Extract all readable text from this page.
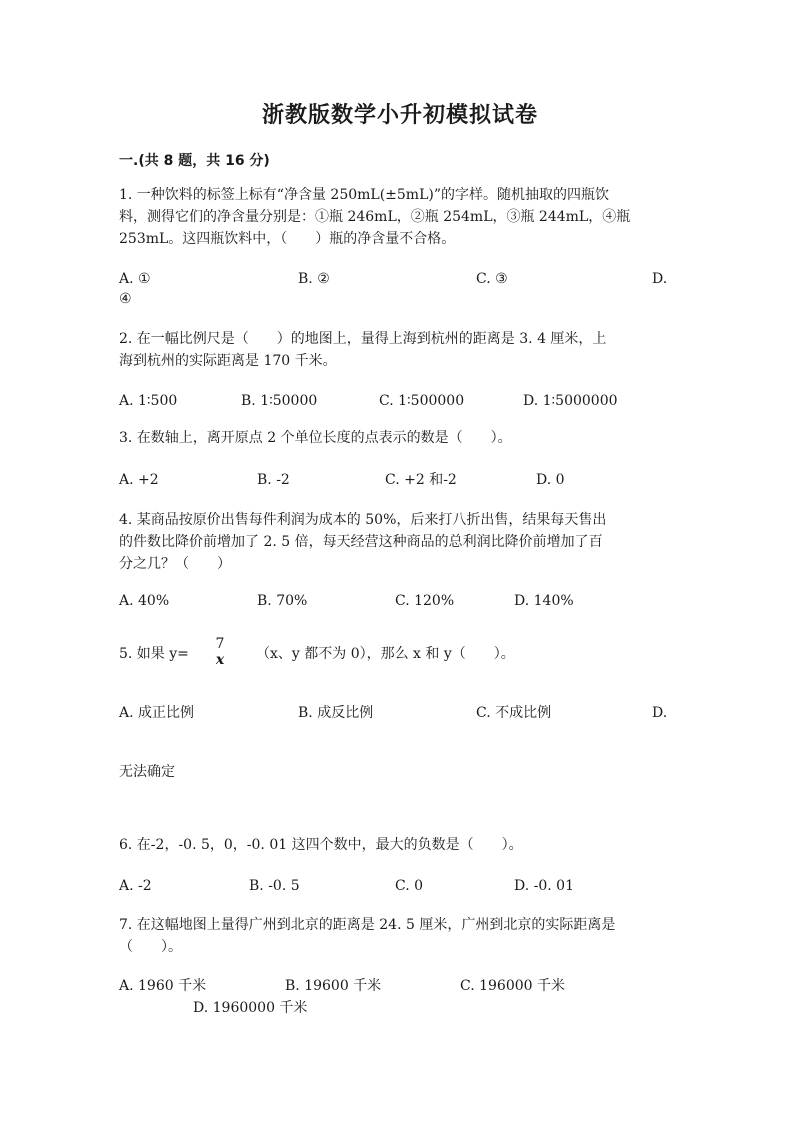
浙教版数学小升初模拟试卷
一.(共 8 题，共 16 分)
1. 一种饮料的标签上标有“净含量 250mL(±5mL)”的字样。随机抽取的四瓶饮
料，测得它们的净含量分别是：①瓶 246mL，②瓶 254mL，③瓶 244mL，④瓶
253mL。这四瓶饮料中，（　　）瓶的净含量不合格。
A. ①	B. ②	C. ③	D.
④
2. 在一幅比例尺是（　　）的地图上，量得上海到杭州的距离是 3. 4 厘米，上
海到杭州的实际距离是 170 千米。
A. 1∶500	B. 1∶50000	C. 1∶500000	D. 1∶5000000
3. 在数轴上，离开原点 2 个单位长度的点表示的数是（　　）。
A. +2	B. -2	C. +2 和-2	D. 0
4. 某商品按原价出售每件利润为成本的 50%，后来打八折出售，结果每天售出
的件数比降价前增加了 2. 5 倍，每天经营这种商品的总利润比降价前增加了百
分之几？（　　）
A. 40%	B. 70%	C. 120%	D. 140%
5. 如果 y=
7
x （x、y 都不为 0），那么 x 和 y（　　）。
A. 成正比例	B. 成反比例	C. 不成比例	D.
无法确定
6. 在-2，-0. 5，0，-0. 01 这四个数中，最大的负数是（　　）。
A. -2	B. -0. 5	C. 0	D. -0. 01
7. 在这幅地图上量得广州到北京的距离是 24. 5 厘米，广州到北京的实际距离是
（　　）。
A. 1960 千米	B. 19600 千米	C. 196000 千米
D. 1960000 千米
